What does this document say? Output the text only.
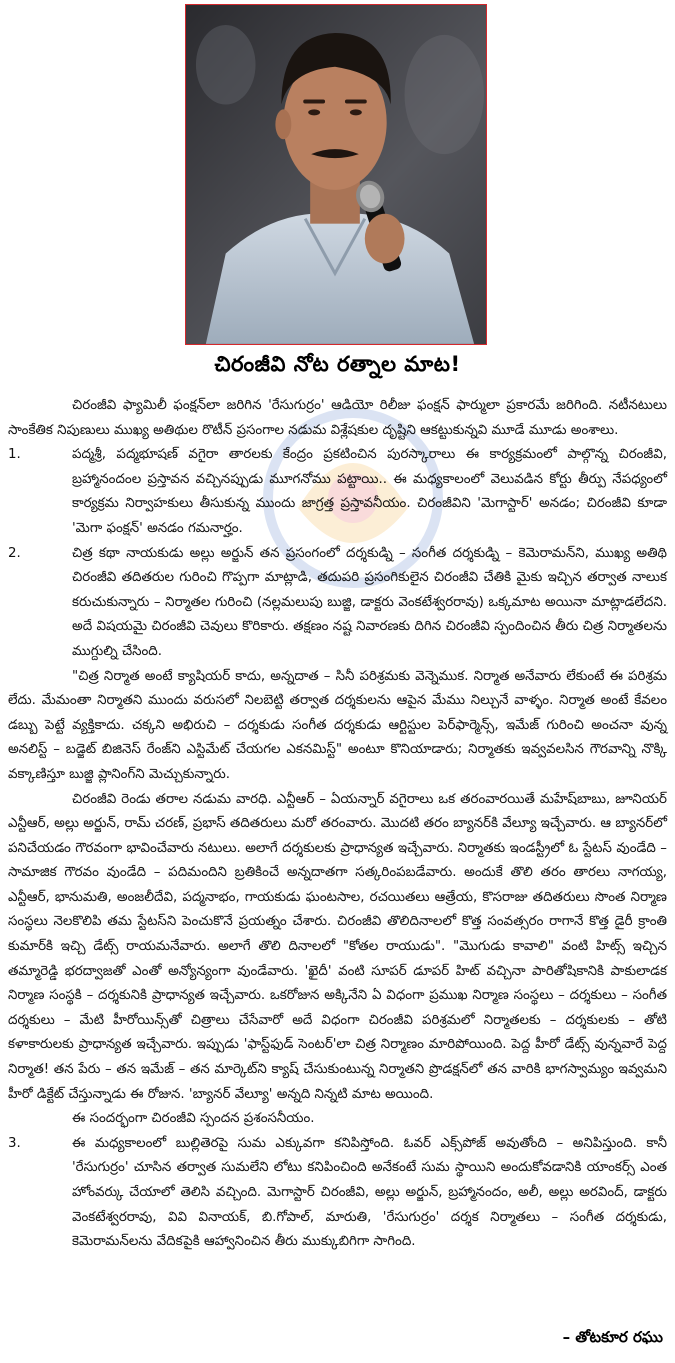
చిరంజీవి నోట రత్నాల మాట!

చిరంజీవి ఫ్యామిలీ ఫంక్షన్‌లా జరిగిన 'రేసుగుర్రం' ఆడియో రిలీజు ఫంక్షన్ ఫార్ములా ప్రకారమే జరిగింది. నటీనటులు సాంకేతిక నిపుణులు ముఖ్య అతిథుల రొటీన్ ప్రసంగాల నడుమ విశ్లేషకుల దృష్టిని ఆకట్టుకున్నవి మూడే మూడు అంశాలు.

1.	పద్మశ్రీ, పద్మభూషణ్ వగైరా తారలకు కేంద్రం ప్రకటించిన పురస్కారాలు ఈ కార్యక్రమంలో పాల్గొన్న చిరంజీవి, బ్రహ్మానందంల ప్రస్తావన వచ్చినప్పుడు మూగనోము పట్టాయి.. ఈ మధ్యకాలంలో వెలువడిన కోర్టు తీర్పు నేపధ్యంలో కార్యక్రమ నిర్వాహకులు తీసుకున్న ముందు జాగ్రత్త ప్రస్తావనీయం. చిరంజీవిని 'మెగాస్టార్' అనడం; చిరంజీవి కూడా 'మెగా ఫంక్షన్' అనడం గమనార్హం.

2.	చిత్ర కథా నాయకుడు అల్లు అర్జున్ తన ప్రసంగంలో దర్శకుడ్ని – సంగీత దర్శకుడ్ని – కెమెరామన్‌ని, ముఖ్య అతిథి చిరంజీవి తదితరుల గురించి గొప్పగా మాట్లాడి, తదుపరి ప్రసంగికులైన చిరంజీవి చేతికి మైకు ఇచ్చిన తర్వాత నాలుక కరుచుకున్నారు – నిర్మాతల గురించి (నల్లమలుపు బుజ్జి, డాక్టరు వెంకటేశ్వరరావు) ఒక్కమాట అయినా మాట్లాడలేదని. అదే విషయమై చిరంజీవి చెవులు కొరికారు. తక్షణం నష్ట నివారణకు దిగిన చిరంజీవి స్పందించిన తీరు చిత్ర నిర్మాతలను ముగ్దుల్ని చేసింది.

"చిత్ర నిర్మాత అంటే క్యాషియర్ కాదు, అన్నదాత – సినీ పరిశ్రమకు వెన్నెముక. నిర్మాత అనేవారు లేకుంటే ఈ పరిశ్రమ లేదు. మేమంతా నిర్మాతని ముందు వరుసలో నిలబెట్టి తర్వాత దర్శకులను ఆపైన మేము నిల్చునే వాళ్ళం. నిర్మాత అంటే కేవలం డబ్బు పెట్టే వ్యక్తికాదు. చక్కని అభిరుచి – దర్శకుడు సంగీత దర్శకుడు ఆర్టిస్టుల పెర్‌ఫార్మెన్స్, ఇమేజ్ గురించి అంచనా వున్న అనలిస్ట్ – బడ్జెట్ బిజినెస్ రేంజ్‌ని ఎస్టిమేట్ చేయగల ఎకనమిస్ట్" అంటూ కొనియాడారు; నిర్మాతకు ఇవ్వవలసిన గౌరవాన్ని నొక్కి వక్కాణిస్తూ బుజ్జి ప్లానింగ్‌ని మెచ్చుకున్నారు.

చిరంజీవి రెండు తరాల నడుమ వారధి. ఎన్టీఆర్ – ఏయన్నార్ వగైరాలు ఒక తరంవారయితే మహేష్‌బాబు, జూనియర్ ఎన్టీఆర్, అల్లు అర్జున్, రామ్ చరణ్, ప్రభాస్ తదితరులు మరో తరంవారు. మొదటి తరం బ్యానర్‌కి వేల్యూ ఇచ్చేవారు. ఆ బ్యానర్‌లో పనిచేయడం గౌరవంగా భావించేవారు నటులు. అలాగే దర్శకులకు ప్రాధాన్యత ఇచ్చేవారు. నిర్మాతకు ఇండస్ట్రీలో ఓ స్టేటస్ వుండేది – సామాజిక గౌరవం వుండేది – పదిమందిని బ్రతికించే అన్నదాతగా సత్కరింపబడేవారు. అందుకే తొలి తరం తారలు నాగయ్య, ఎన్టీఆర్, భానుమతి, అంజలీదేవి, పద్మనాభం, గాయకుడు ఘంటసాల, రచయితలు ఆత్రేయ, కొసరాజు తదితరులు సొంత నిర్మాణ సంస్థలు నెలకొలిపి తమ స్టేటస్‌ని పెంచుకొనే ప్రయత్నం చేశారు. చిరంజీవి తొలిదినాలలో కొత్త సంవత్సరం రాగానే కొత్త డైరీ క్రాంతి కుమార్‌కి ఇచ్చి డేట్స్ రాయమనేవారు. అలాగే తొలి దినాలలో "కోతల రాయుడు". "మొగుడు కావాలి" వంటి హిట్స్ ఇచ్చిన తమ్మారెడ్డి భరద్వాజతో ఎంతో అన్యోన్యంగా వుండేవారు. 'ఖైదీ' వంటి సూపర్ డూపర్ హిట్ వచ్చినా పారితోషికానికి పాకులాడక నిర్మాణ సంస్థకి – దర్శకునికి ప్రాధాన్యత ఇచ్చేవారు. ఒకరోజున అక్కినేని ఏ విధంగా ప్రముఖ నిర్మాణ సంస్థలు – దర్శకులు – సంగీత దర్శకులు – మేటి హీరోయిన్స్‌తో చిత్రాలు చేసేవారో అదే విధంగా చిరంజీవి పరిశ్రమలో నిర్మాతలకు – దర్శకులకు – తోటి కళాకారులకు ప్రాధాన్యత ఇచ్చేవారు. ఇప్పుడు 'ఫాస్ట్‌ఫుడ్ సెంటర్‌'లా చిత్ర నిర్మాణం మారిపోయింది. పెద్ద హీరో డేట్స్ వున్నవారే పెద్ద నిర్మాత! తన పేరు – తన ఇమేజ్ – తన మార్కెట్‌ని క్యాష్ చేసుకుంటున్న నిర్మాతని ప్రొడక్షన్‌లో తన వారికి భాగస్వామ్యం ఇవ్వమని హీరో డిక్టేట్ చేస్తున్నాడు ఈ రోజున. 'బ్యానర్ వేల్యూ' అన్నది నిన్నటి మాట అయింది.

ఈ సందర్భంగా చిరంజీవి స్పందన ప్రశంసనీయం.

3.	ఈ మధ్యకాలంలో బుల్లితెరపై సుమ ఎక్కువగా కనిపిస్తోంది. ఓవర్ ఎక్స్‌పోజ్ అవుతోంది – అనిపిస్తుంది. కానీ 'రేసుగుర్రం' చూసిన తర్వాత సుమలేని లోటు కనిపించింది అనేకంటే సుమ స్థాయిని అందుకోవడానికి యాంకర్స్ ఎంత హోంవర్కు చేయాలో తెలిసి వచ్చింది. మెగాస్టార్ చిరంజీవి, అల్లు అర్జున్, బ్రహ్మానందం, అలీ, అల్లు అరవింద్, డాక్టరు వెంకటేశ్వరరావు, వివి వినాయక్, బి.గోపాల్, మారుతి, 'రేసుగుర్రం' దర్శక నిర్మాతలు – సంగీత దర్శకుడు, కెమెరామన్‌లను వేదికపైకి ఆహ్వానించిన తీరు ముక్కుబిగిగా సాగింది.

– తోటకూర రఘు
